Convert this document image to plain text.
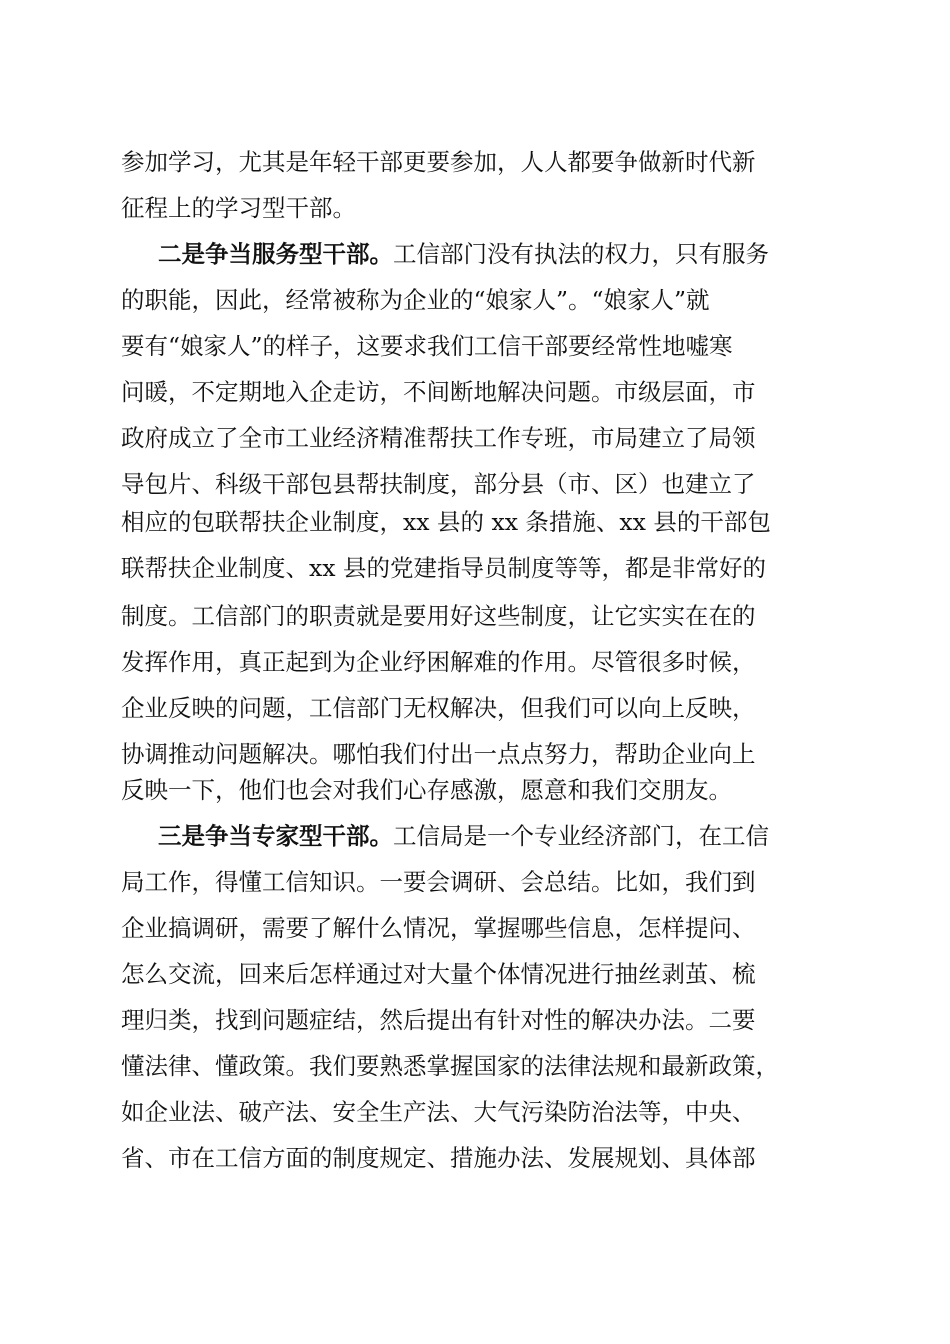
参加学习，尤其是年轻干部更要参加，人人都要争做新时代新
征程上的学习型干部。
二是争当服务型干部。工信部门没有执法的权力，只有服务
的职能，因此，经常被称为企业的“娘家人”。“娘家人”就
要有“娘家人”的样子，这要求我们工信干部要经常性地嘘寒
问暖，不定期地入企走访，不间断地解决问题。市级层面，市
政府成立了全市工业经济精准帮扶工作专班，市局建立了局领
导包片、科级干部包县帮扶制度，部分县（市、区）也建立了
相应的包联帮扶企业制度，xx 县的 xx 条措施、xx 县的干部包
联帮扶企业制度、xx 县的党建指导员制度等等，都是非常好的
制度。工信部门的职责就是要用好这些制度，让它实实在在的
发挥作用，真正起到为企业纾困解难的作用。尽管很多时候，
企业反映的问题，工信部门无权解决，但我们可以向上反映，
协调推动问题解决。哪怕我们付出一点点努力，帮助企业向上
反映一下，他们也会对我们心存感激，愿意和我们交朋友。
三是争当专家型干部。工信局是一个专业经济部门，在工信
局工作，得懂工信知识。一要会调研、会总结。比如，我们到
企业搞调研，需要了解什么情况，掌握哪些信息，怎样提问、
怎么交流，回来后怎样通过对大量个体情况进行抽丝剥茧、梳
理归类，找到问题症结，然后提出有针对性的解决办法。二要
懂法律、懂政策。我们要熟悉掌握国家的法律法规和最新政策，
如企业法、破产法、安全生产法、大气污染防治法等，中央、
省、市在工信方面的制度规定、措施办法、发展规划、具体部
